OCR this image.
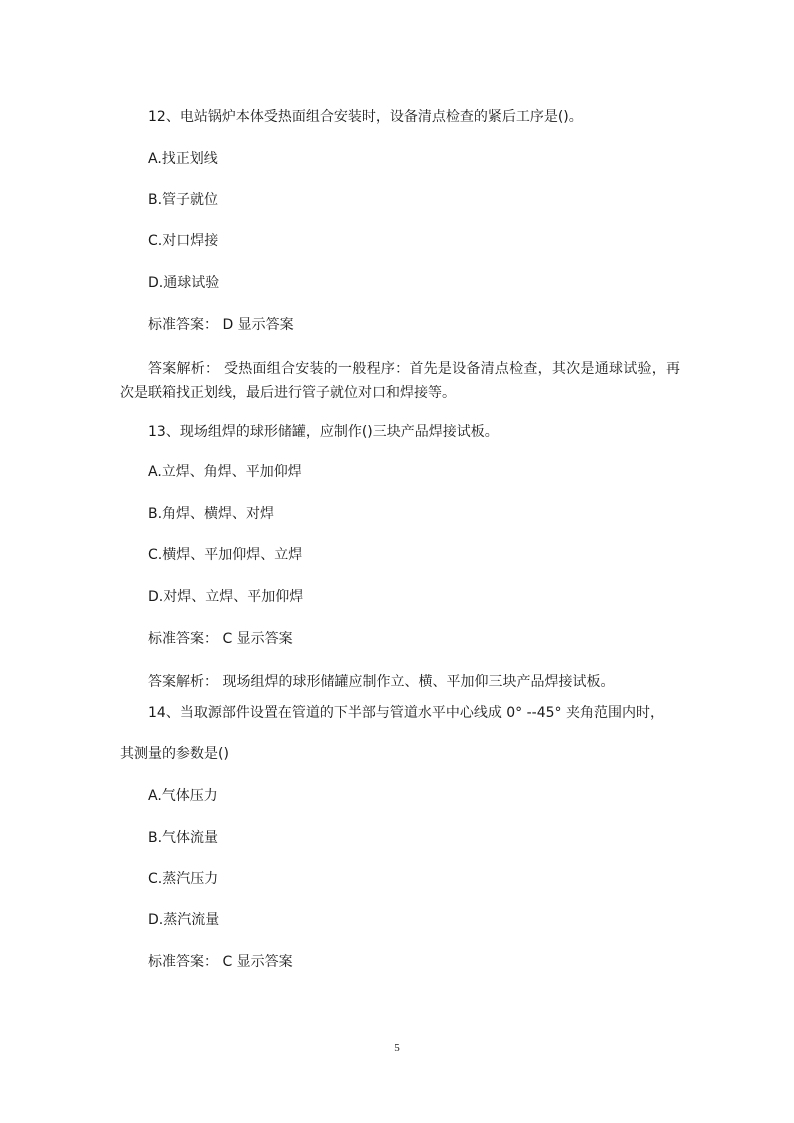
12、电站锅炉本体受热面组合安装时，设备清点检查的紧后工序是()。
A.找正划线
B.管子就位
C.对口焊接
D.通球试验
标准答案： D 显示答案
答案解析： 受热面组合安装的一般程序：首先是设备清点检查，其次是通球试验，再次是联箱找正划线，最后进行管子就位对口和焊接等。
13、现场组焊的球形储罐，应制作()三块产品焊接试板。
A.立焊、角焊、平加仰焊
B.角焊、横焊、对焊
C.横焊、平加仰焊、立焊
D.对焊、立焊、平加仰焊
标准答案： C 显示答案
答案解析： 现场组焊的球形储罐应制作立、横、平加仰三块产品焊接试板。
14、当取源部件设置在管道的下半部与管道水平中心线成 0° --45° 夹角范围内时，
其测量的参数是()
A.气体压力
B.气体流量
C.蒸汽压力
D.蒸汽流量
标准答案： C 显示答案
5
